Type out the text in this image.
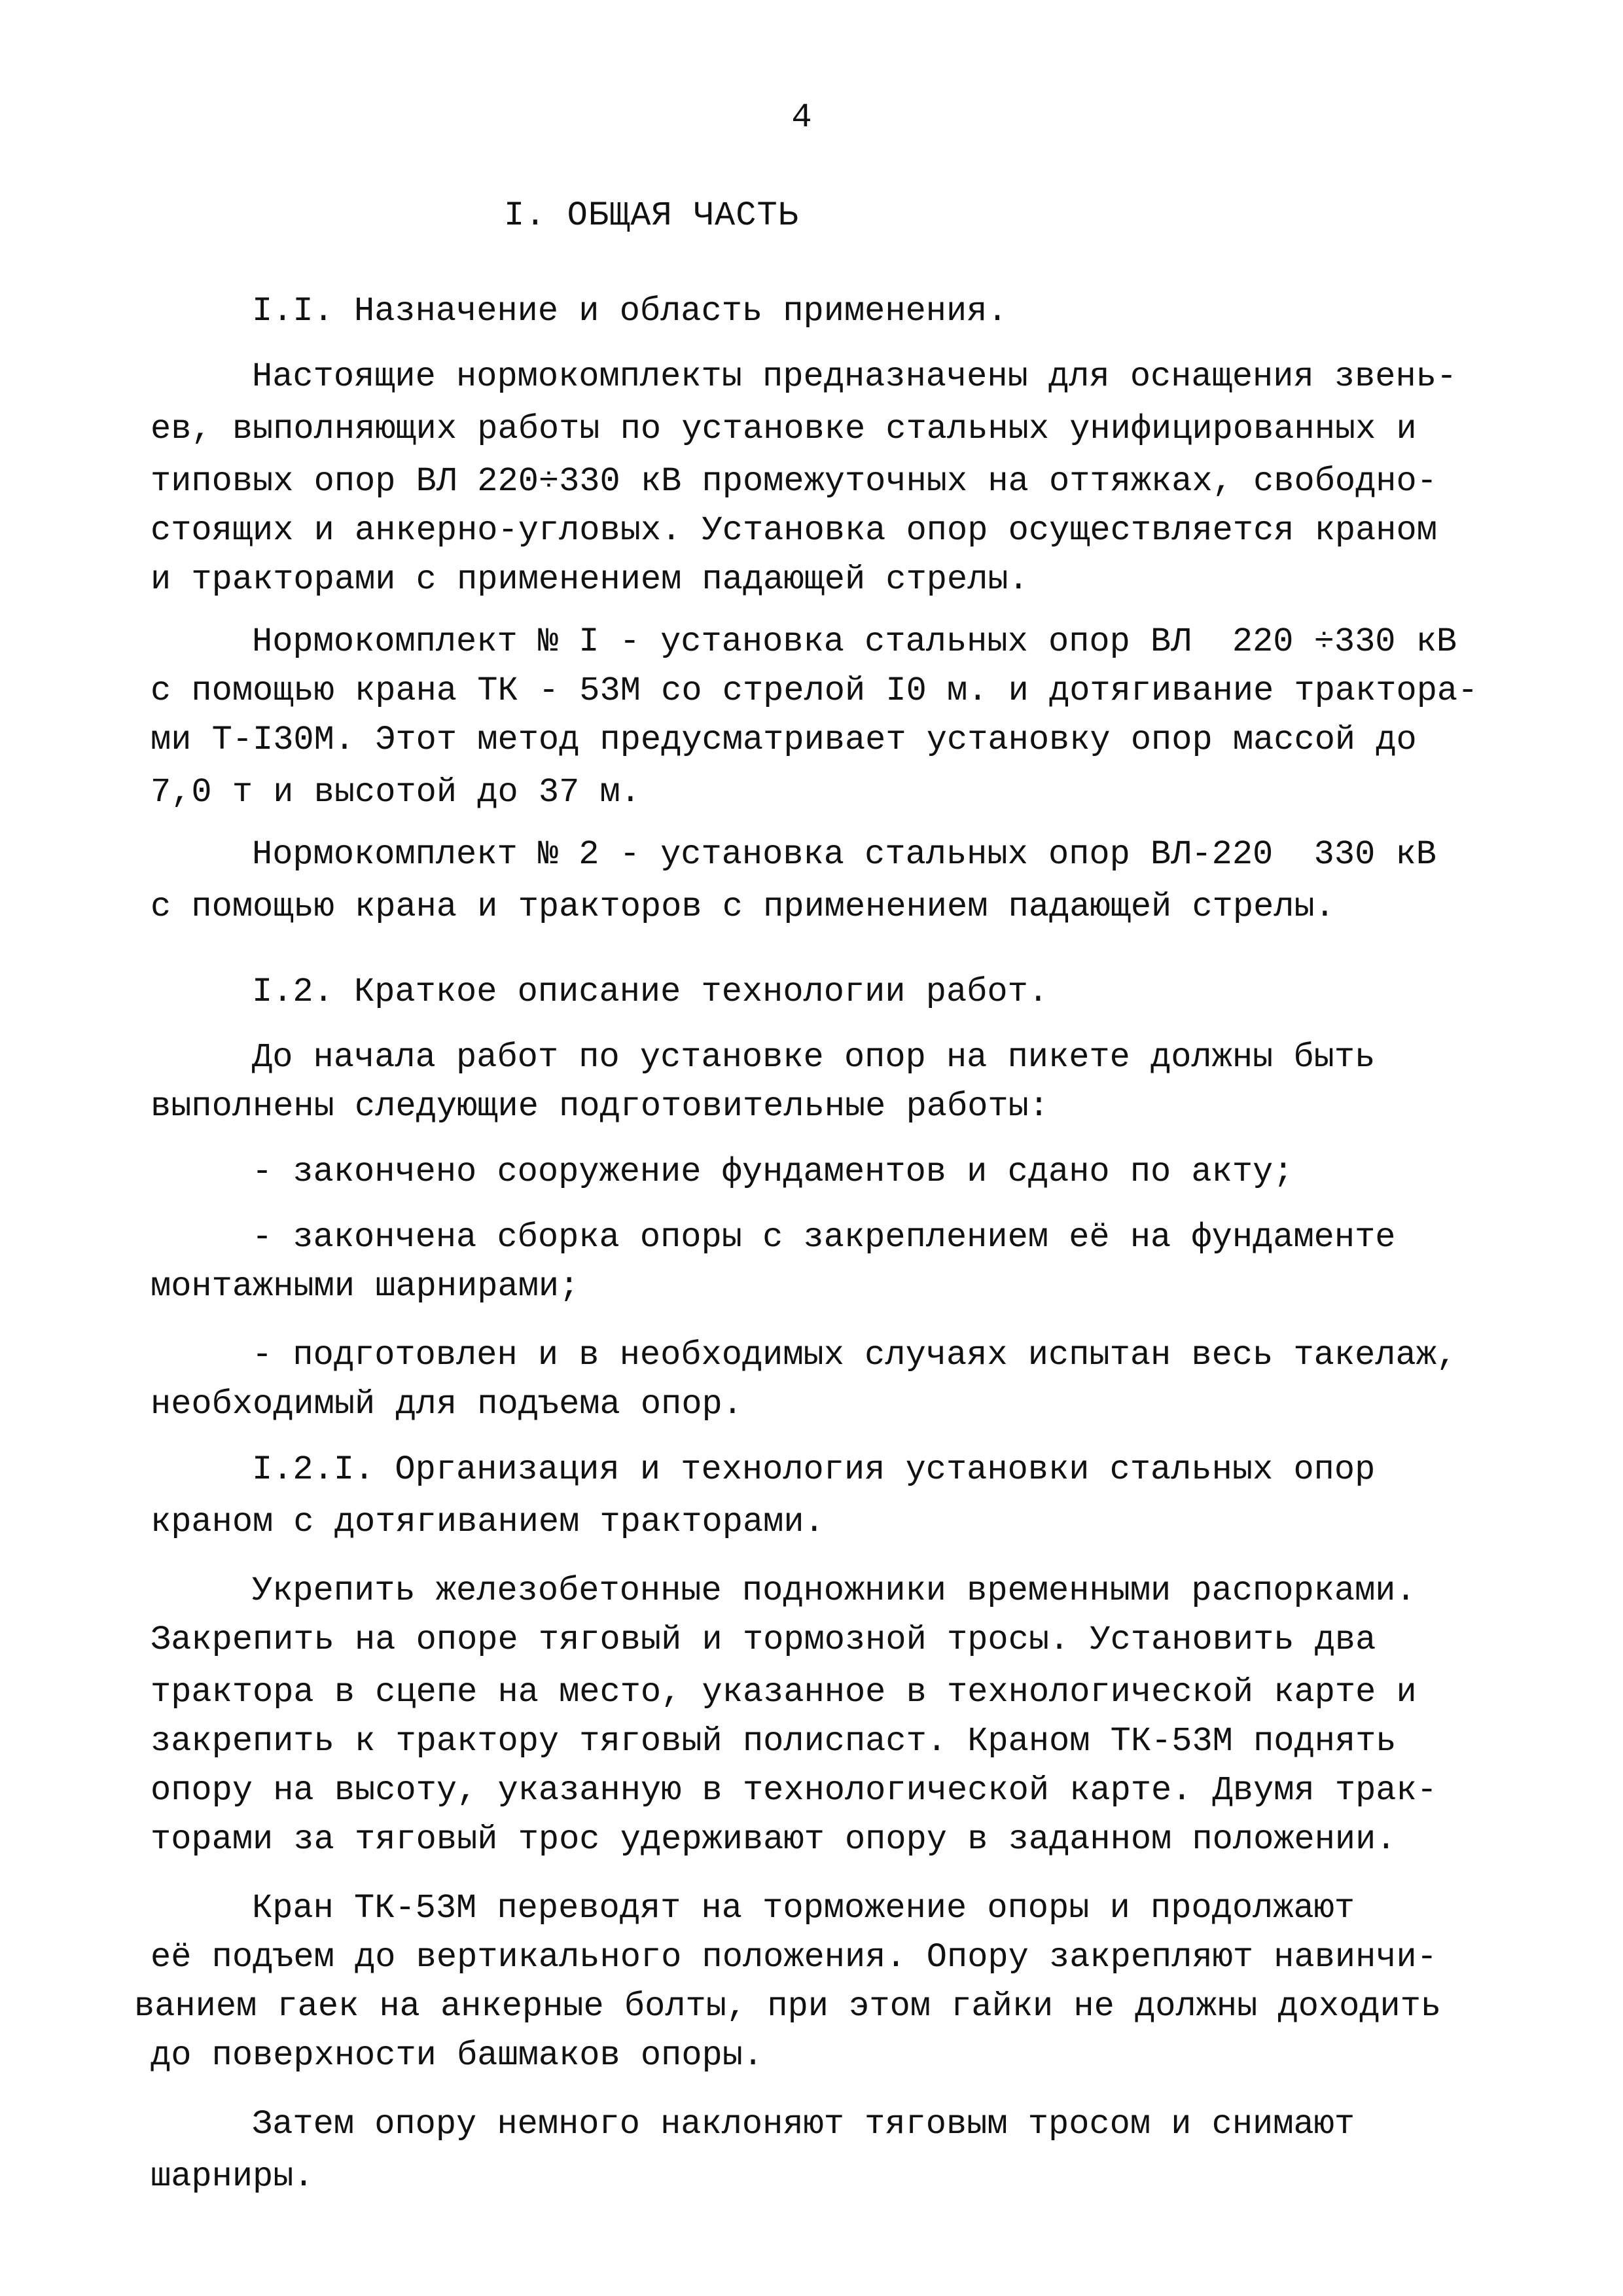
4
I. ОБЩАЯ ЧАСТЬ
I.I. Назначение и область применения.
Настоящие нормокомплекты предназначены для оснащения звень-
ев, выполняющих работы по установке стальных унифицированных и
типовых опор ВЛ 220÷330 кВ промежуточных на оттяжках, свободно-
стоящих и анкерно-угловых. Установка опор осуществляется краном
и тракторами с применением падающей стрелы.
Нормокомплект № I - установка стальных опор ВЛ  220 ÷330 кВ
с помощью крана ТК - 53М со стрелой I0 м. и дотягивание трактора-
ми Т-I30М. Этот метод предусматривает установку опор массой до
7,0 т и высотой до 37 м.
Нормокомплект № 2 - установка стальных опор ВЛ-220  330 кВ
с помощью крана и тракторов с применением падающей стрелы.
I.2. Краткое описание технологии работ.
До начала работ по установке опор на пикете должны быть
выполнены следующие подготовительные работы:
- закончено сооружение фундаментов и сдано по акту;
- закончена сборка опоры с закреплением её на фундаменте
монтажными шарнирами;
- подготовлен и в необходимых случаях испытан весь такелаж,
необходимый для подъема опор.
I.2.I. Организация и технология установки стальных опор
краном с дотягиванием тракторами.
Укрепить железобетонные подножники временными распорками.
Закрепить на опоре тяговый и тормозной тросы. Установить два
трактора в сцепе на место, указанное в технологической карте и
закрепить к трактору тяговый полиспаст. Краном ТК-53М поднять
опору на высоту, указанную в технологической карте. Двумя трак-
торами за тяговый трос удерживают опору в заданном положении.
Кран ТК-53М переводят на торможение опоры и продолжают
её подъем до вертикального положения. Опору закрепляют навинчи-
ванием гаек на анкерные болты, при этом гайки не должны доходить
до поверхности башмаков опоры.
Затем опору немного наклоняют тяговым тросом и снимают
шарниры.
